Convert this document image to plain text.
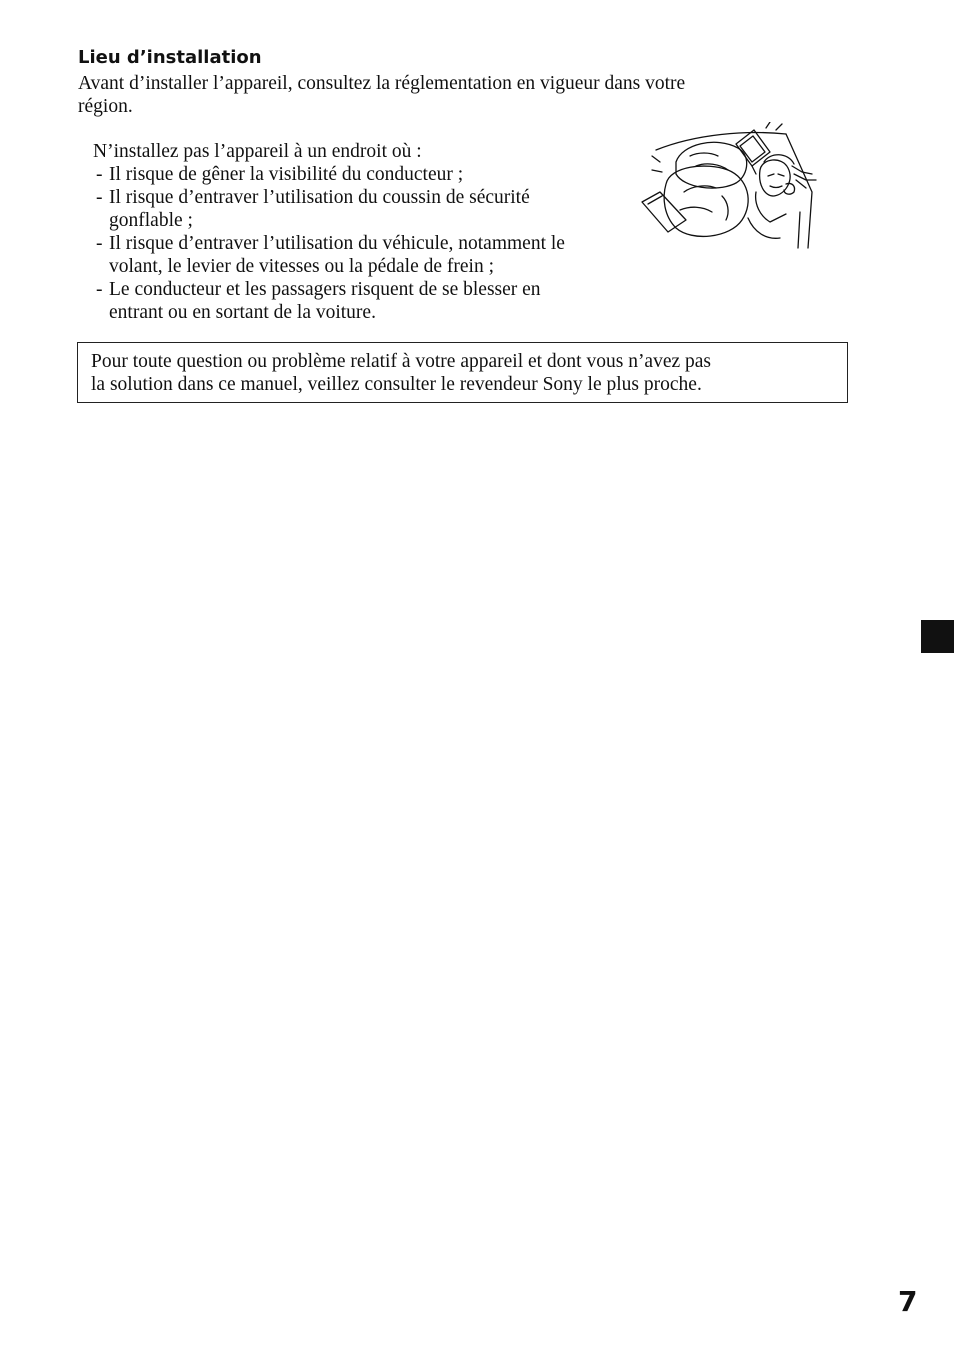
Lieu d’installation

Avant d’installer l’appareil, consultez la réglementation en vigueur dans votre
région.

N’installez pas l’appareil à un endroit où :

- Il risque de gêner la visibilité du conducteur ;
- Il risque d’entraver l’utilisation du coussin de sécurité
gonflable ;
- Il risque d’entraver l’utilisation du véhicule, notamment le
volant, le levier de vitesses ou la pédale de frein ;
- Le conducteur et les passagers risquent de se blesser en
entrant ou en sortant de la voiture.

Pour toute question ou problème relatif à votre appareil et dont vous n’avez pas
la solution dans ce manuel, veillez consulter le revendeur Sony le plus proche.

7
